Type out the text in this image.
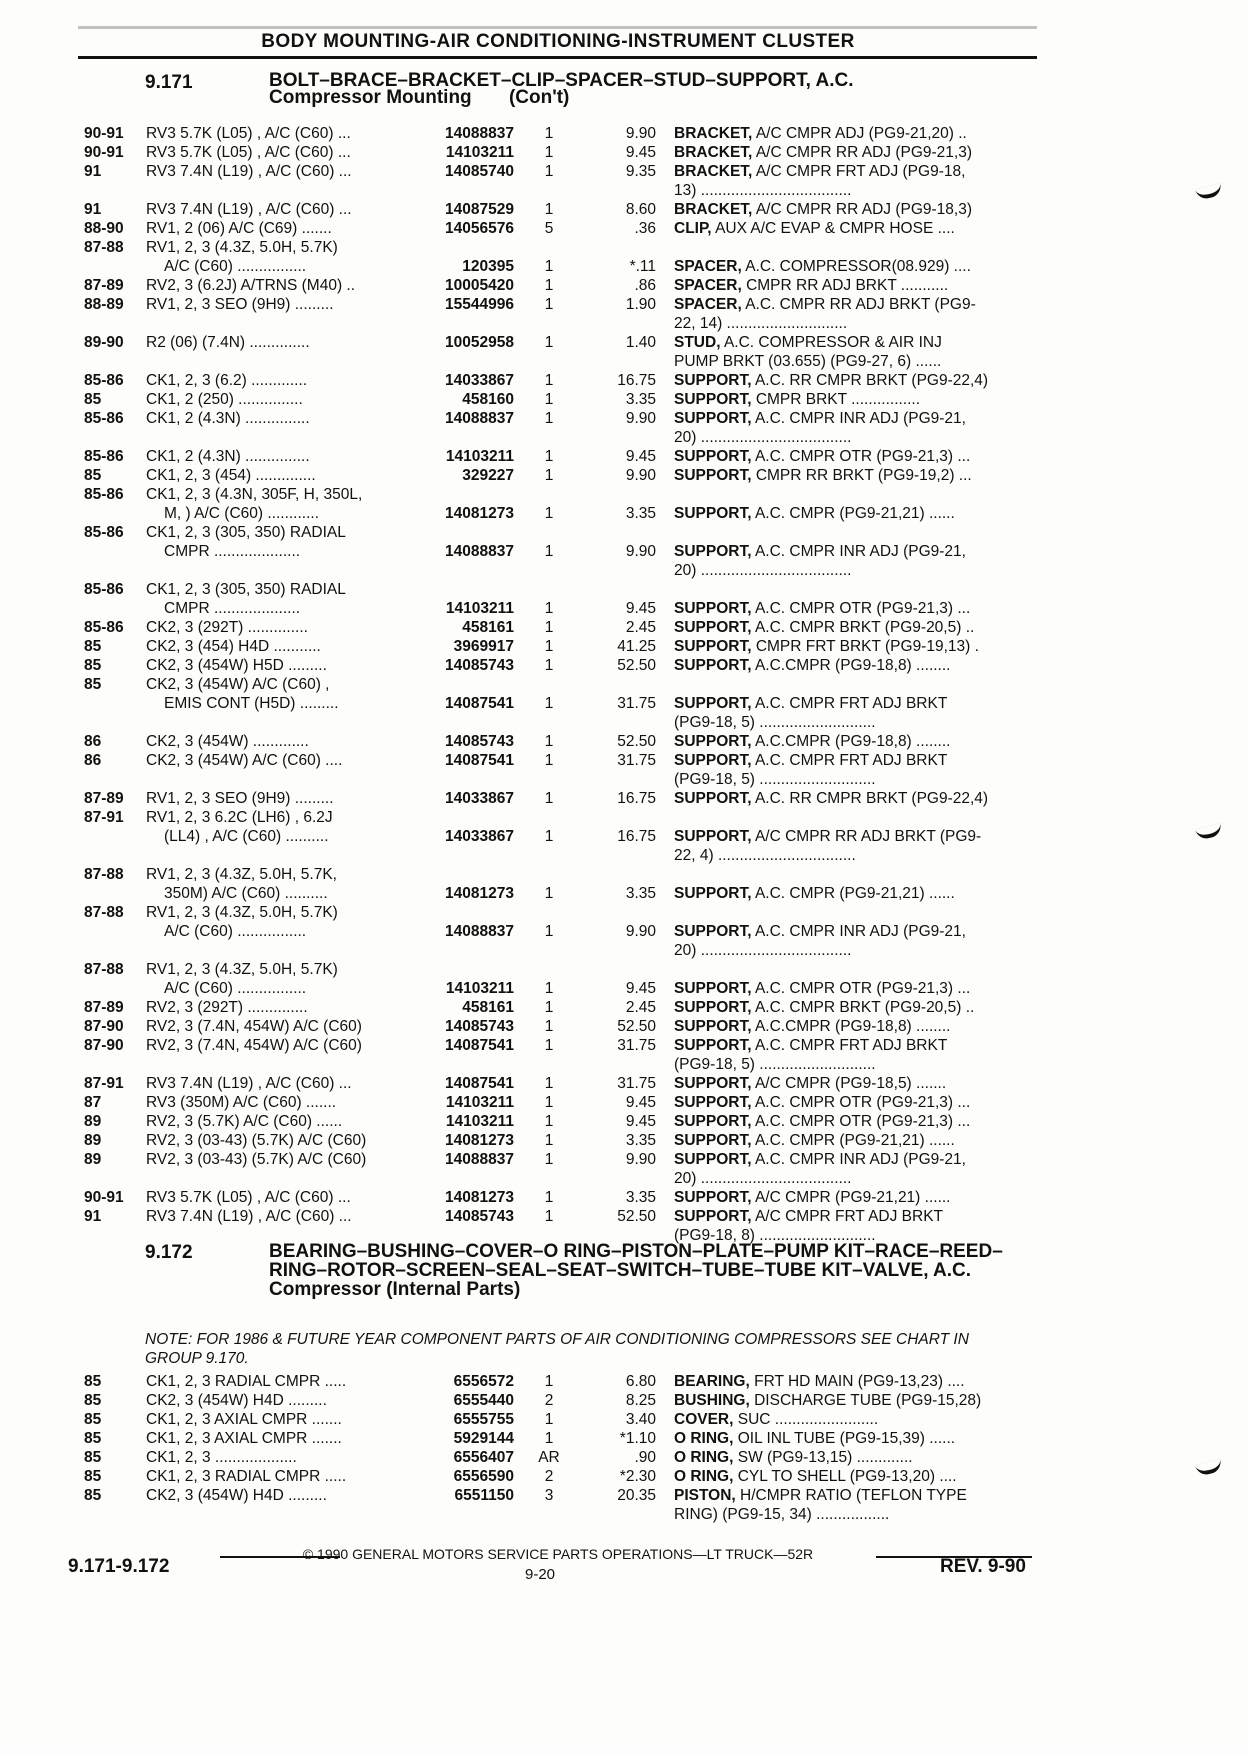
BODY MOUNTING-AIR CONDITIONING-INSTRUMENT CLUSTER
9.171	BOLT–BRACE–BRACKET–CLIP–SPACER–STUD–SUPPORT, A.C.
Compressor Mounting (Con't)
90-91	RV3 5.7K (L05) , A/C (C60) ...	14088837	1	9.90 BRACKET, A/C CMPR ADJ (PG9-21,20) ..
90-91	RV3 5.7K (L05) , A/C (C60) ...	14103211	1	9.45 BRACKET, A/C CMPR RR ADJ (PG9-21,3)
91	RV3 7.4N (L19) , A/C (C60) ...	14085740	1	9.35 BRACKET, A/C CMPR FRT ADJ (PG9-18,
13) ...................................
91	RV3 7.4N (L19) , A/C (C60) ...	14087529	1	8.60 BRACKET, A/C CMPR RR ADJ (PG9-18,3)
88-90	RV1, 2 (06) A/C (C69) .......	14056576	5	.36 CLIP, AUX A/C EVAP & CMPR HOSE ....
87-88	RV1, 2, 3 (4.3Z, 5.0H, 5.7K)
A/C (C60) ................	120395	1	*.11 SPACER, A.C. COMPRESSOR(08.929) ....
87-89	RV2, 3 (6.2J) A/TRNS (M40) ..	10005420	1	.86 SPACER, CMPR RR ADJ BRKT ...........
88-89	RV1, 2, 3 SEO (9H9) .........	15544996	1	1.90 SPACER, A.C. CMPR RR ADJ BRKT (PG9-
22, 14) ............................
89-90	R2 (06) (7.4N) ..............	10052958	1	1.40 STUD, A.C. COMPRESSOR & AIR INJ
PUMP BRKT (03.655) (PG9-27, 6) ......
85-86	CK1, 2, 3 (6.2) .............	14033867	1	16.75 SUPPORT, A.C. RR CMPR BRKT (PG9-22,4)
85	CK1, 2 (250) ...............	458160	1	3.35 SUPPORT, CMPR BRKT ................
85-86	CK1, 2 (4.3N) ...............	14088837	1	9.90 SUPPORT, A.C. CMPR INR ADJ (PG9-21,
20) ...................................
85-86	CK1, 2 (4.3N) ...............	14103211	1	9.45 SUPPORT, A.C. CMPR OTR (PG9-21,3) ...
85	CK1, 2, 3 (454) ..............	329227	1	9.90 SUPPORT, CMPR RR BRKT (PG9-19,2) ...
85-86	CK1, 2, 3 (4.3N, 305F, H, 350L,
M, ) A/C (C60) ............	14081273	1	3.35 SUPPORT, A.C. CMPR (PG9-21,21) ......
85-86	CK1, 2, 3 (305, 350) RADIAL
CMPR ....................	14088837	1	9.90 SUPPORT, A.C. CMPR INR ADJ (PG9-21,
20) ...................................
85-86	CK1, 2, 3 (305, 350) RADIAL
CMPR ....................	14103211	1	9.45 SUPPORT, A.C. CMPR OTR (PG9-21,3) ...
85-86	CK2, 3 (292T) ..............	458161	1	2.45 SUPPORT, A.C. CMPR BRKT (PG9-20,5) ..
85	CK2, 3 (454) H4D ...........	3969917	1	41.25 SUPPORT, CMPR FRT BRKT (PG9-19,13) .
85	CK2, 3 (454W) H5D .........	14085743	1	52.50 SUPPORT, A.C.CMPR (PG9-18,8) ........
85	CK2, 3 (454W) A/C (C60) ,
EMIS CONT (H5D) .........	14087541	1	31.75 SUPPORT, A.C. CMPR FRT ADJ BRKT
(PG9-18, 5) ...........................
86	CK2, 3 (454W) .............	14085743	1	52.50 SUPPORT, A.C.CMPR (PG9-18,8) ........
86	CK2, 3 (454W) A/C (C60) ....	14087541	1	31.75 SUPPORT, A.C. CMPR FRT ADJ BRKT
(PG9-18, 5) ...........................
87-89	RV1, 2, 3 SEO (9H9) .........	14033867	1	16.75 SUPPORT, A.C. RR CMPR BRKT (PG9-22,4)
87-91	RV1, 2, 3 6.2C (LH6) , 6.2J
(LL4) , A/C (C60) ..........	14033867	1	16.75 SUPPORT, A/C CMPR RR ADJ BRKT (PG9-
22, 4) ................................
87-88	RV1, 2, 3 (4.3Z, 5.0H, 5.7K,
350M) A/C (C60) ..........	14081273	1	3.35 SUPPORT, A.C. CMPR (PG9-21,21) ......
87-88	RV1, 2, 3 (4.3Z, 5.0H, 5.7K)
A/C (C60) ................	14088837	1	9.90 SUPPORT, A.C. CMPR INR ADJ (PG9-21,
20) ...................................
87-88	RV1, 2, 3 (4.3Z, 5.0H, 5.7K)
A/C (C60) ................	14103211	1	9.45 SUPPORT, A.C. CMPR OTR (PG9-21,3) ...
87-89	RV2, 3 (292T) ..............	458161	1	2.45 SUPPORT, A.C. CMPR BRKT (PG9-20,5) ..
87-90	RV2, 3 (7.4N, 454W) A/C (C60)	14085743	1	52.50 SUPPORT, A.C.CMPR (PG9-18,8) ........
87-90	RV2, 3 (7.4N, 454W) A/C (C60)	14087541	1	31.75 SUPPORT, A.C. CMPR FRT ADJ BRKT
(PG9-18, 5) ...........................
87-91	RV3 7.4N (L19) , A/C (C60) ...	14087541	1	31.75 SUPPORT, A/C CMPR (PG9-18,5) .......
87	RV3 (350M) A/C (C60) .......	14103211	1	9.45 SUPPORT, A.C. CMPR OTR (PG9-21,3) ...
89	RV2, 3 (5.7K) A/C (C60) ......	14103211	1	9.45 SUPPORT, A.C. CMPR OTR (PG9-21,3) ...
89	RV2, 3 (03-43) (5.7K) A/C (C60)	14081273	1	3.35 SUPPORT, A.C. CMPR (PG9-21,21) ......
89	RV2, 3 (03-43) (5.7K) A/C (C60)	14088837	1	9.90 SUPPORT, A.C. CMPR INR ADJ (PG9-21,
20) ...................................
90-91	RV3 5.7K (L05) , A/C (C60) ...	14081273	1	3.35 SUPPORT, A/C CMPR (PG9-21,21) ......
91	RV3 7.4N (L19) , A/C (C60) ...	14085743	1	52.50 SUPPORT, A/C CMPR FRT ADJ BRKT
(PG9-18, 8) ...........................
9.172	BEARING–BUSHING–COVER–O RING–PISTON–PLATE–PUMP KIT–RACE–REED–RING–ROTOR–SCREEN–SEAL–SEAT–SWITCH–TUBE–TUBE KIT–VALVE, A.C. Compressor (Internal Parts)
NOTE: FOR 1986 & FUTURE YEAR COMPONENT PARTS OF AIR CONDITIONING COMPRESSORS SEE CHART IN GROUP 9.170.
85	CK1, 2, 3 RADIAL CMPR .....	6556572	1	6.80 BEARING, FRT HD MAIN (PG9-13,23) ....
85	CK2, 3 (454W) H4D .........	6555440	2	8.25 BUSHING, DISCHARGE TUBE (PG9-15,28)
85	CK1, 2, 3 AXIAL CMPR .......	6555755	1	3.40 COVER, SUC ........................
85	CK1, 2, 3 AXIAL CMPR .......	5929144	1	*1.10 O RING, OIL INL TUBE (PG9-15,39) ......
85	CK1, 2, 3 ...................	6556407	AR	.90 O RING, SW (PG9-13,15) .............
85	CK1, 2, 3 RADIAL CMPR .....	6556590	2	*2.30 O RING, CYL TO SHELL (PG9-13,20) ....
85	CK2, 3 (454W) H4D .........	6551150	3	20.35 PISTON, H/CMPR RATIO (TEFLON TYPE
RING) (PG9-15, 34) .................
© 1990 GENERAL MOTORS SERVICE PARTS OPERATIONS—LT TRUCK—52R
9.171-9.172	9-20	REV. 9-90
